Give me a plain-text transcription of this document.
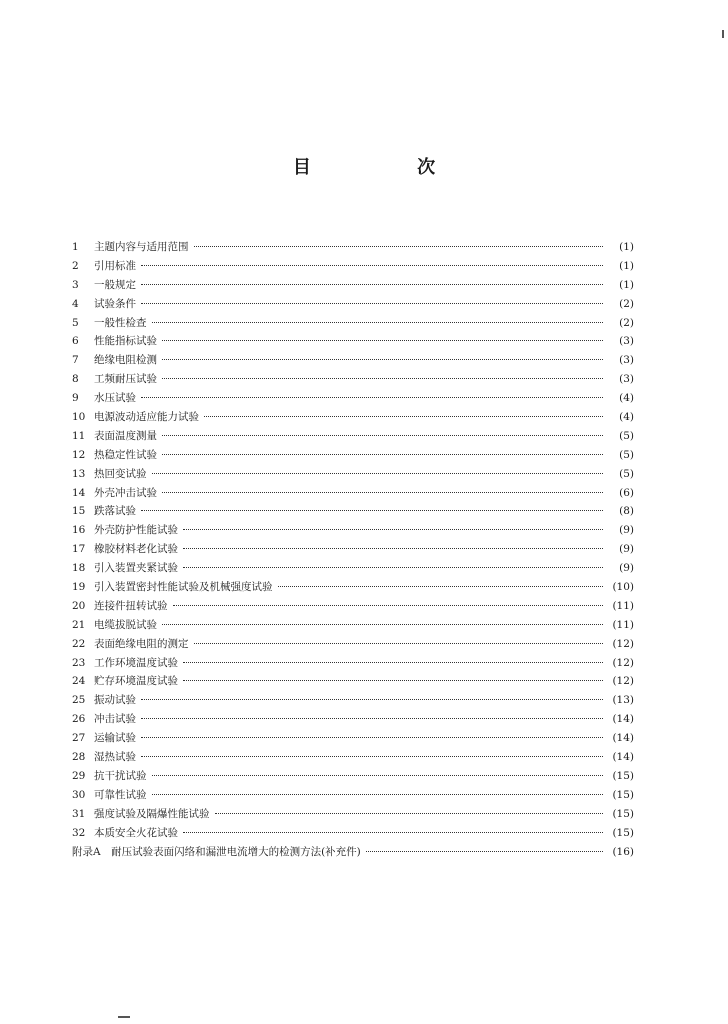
目 次
1	主题内容与适用范围	(1)
2	引用标准	(1)
3	一般规定	(1)
4	试验条件	(2)
5	一般性检查	(2)
6	性能指标试验	(3)
7	绝缘电阻检测	(3)
8	工频耐压试验	(3)
9	水压试验	(4)
10 电源波动适应能力试验	(4)
11 表面温度测量	(5)
12 热稳定性试验	(5)
13 热回变试验	(5)
14 外壳冲击试验	(6)
15 跌落试验	(8)
16 外壳防护性能试验	(9)
17 橡胶材料老化试验	(9)
18 引入装置夹紧试验	(9)
19 引入装置密封性能试验及机械强度试验	(10)
20 连接件扭转试验	(11)
21 电缆拔脱试验	(11)
22 表面绝缘电阻的测定	(12)
23 工作环境温度试验	(12)
24 贮存环境温度试验	(12)
25 振动试验	(13)
26 冲击试验	(14)
27 运输试验	(14)
28 湿热试验	(14)
29 抗干扰试验	(15)
30 可靠性试验	(15)
31 强度试验及隔爆性能试验	(15)
32 本质安全火花试验	(15)
附录A　耐压试验表面闪络和漏泄电流增大的检测方法(补充件)	(16)
